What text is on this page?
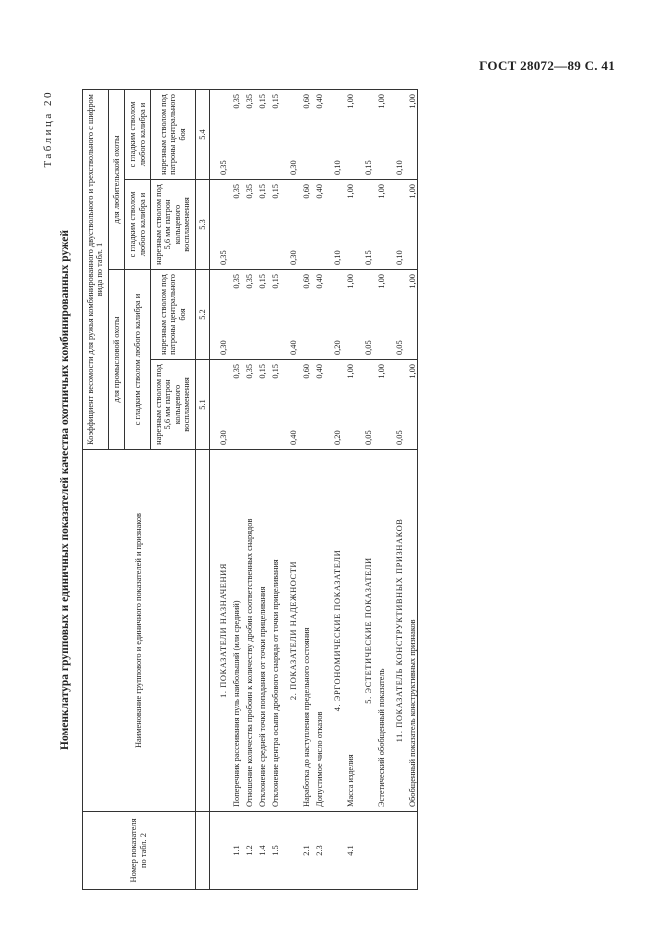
ГОСТ 28072—89 С. 41
Таблица 20
Номенклатура групповых и единичных показателей качества охотничьих комбинированных ружей
Номер показателя по табл. 2	Наименование группового и единичного показателей и признаков	Коэффициент весомости для ружья комбинированного двуствольного и трехствольного с шифром вида по табл. 1			
		для промысловой охоты		для любительской охоты	
		с гладким стволом любого калибра и		с гладким стволом любого калибра и	с гладким стволом любого калибра и
		нарезным стволом под 5,6 мм патрон кольцевого воспламенения	нарезным стволом под патроны центрального боя	нарезным стволом под 5,6 мм патрон кольцевого воспламенения	нарезным стволом под патроны центрального боя
		5.1	5.2	5.3	5.4
	1. ПОКАЗАТЕЛИ НАЗНАЧЕНИЯ	0,30	0,30	0,35	0,35

1.1	Поперечник рассеивания пуль наибольший (или средний)	0,35	0,35	0,35	0,35

1.2	Отношение количества пробоин к количеству дробин соответственных снарядов	0,35	0,35	0,35	0,35

1.4	Отклонение средней точки попадания от точки прицеливания	0,15	0,15	0,15	0,15

1.5	Отклонение центра осыпи дробового снаряда от точки прицеливания	0,15	0,15	0,15	0,15

	2. ПОКАЗАТЕЛИ НАДЕЖНОСТИ	0,40	0,40	0,30	0,30

2.1	Наработка до наступления предельного состояния	0,60	0,60	0,60	0,60

2.3	Допустимое число отказов	0,40	0,40	0,40	0,40

	4. ЭРГОНОМИЧЕСКИЕ ПОКАЗАТЕЛИ	0,20	0,20	0,10	0,10

4.1	Масса изделия	1,00	1,00	1,00	1,00

	5. ЭСТЕТИЧЕСКИЕ ПОКАЗАТЕЛИ	0,05	0,05	0,15	0,15

	Эстетический обобщенный показатель	1,00	1,00	1,00	1,00

	11. ПОКАЗАТЕЛЬ КОНСТРУКТИВНЫХ ПРИЗНАКОВ	0,05	0,05	0,10	0,10

	Обобщенный показатель конструктивных признаков	1,00	1,00	1,00	1,00
